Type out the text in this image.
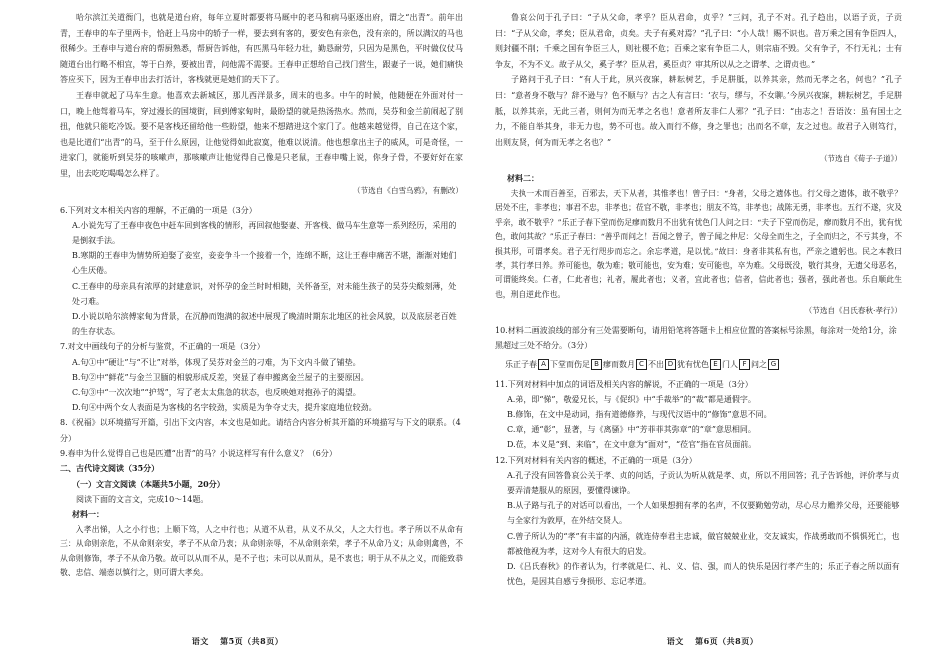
哈尔滨江关道衙门，也就是道台府，每年立夏时都要将马厩中的老马和病马驱逐出府，谓之“出青”。前年出青，王春申的车子里两卡，恰赶上马房中的轿子一样，要去到有客的，要安色有亲色，没有亲的，所以满汉的马也很稀少。王春申与道台府的帮厨熟悉，帮厨告诉他，有匹黑马年轻力壮，勤恳耐劳，只因为是黑色，平时做仪仗马随道台出行略不相宜，等于白养，要被出青，问他需不需要。王春申正想给自己找门营生，跟妻子一说，她们痛快答应买下，因为王春申出去打活计，客栈就更是她们的天下了。

王春申就起了马车生意。他喜欢去新城区，那儿西洋景多，周末的也多。中午的时候，他随便在外面对付一口，晚上他驾着马车，穿过漫长的国境街，回到傅家甸时，最盼望的就是热汤热水。然而，吴芬和金兰前闹起了别扭，他就只能吃冷饭。要不是客栈还留给他一些盼望，他来不想踏进这个家门了。他越来越觉得，自己在这个家，也是比道们“出青”的马，至于什么原因，让他觉得如此寂寞，他难以说清。他也想拿出主子的威风，可是奇怪，一进家门，就能听到吴芬的咳嗽声，那咳嗽声让他觉得自己像是只老鼠，王春申嘴上说，你身子骨，不要好好在家里，出去吃吃喝喝怎么样了。

（节选自《白雪乌鸦》，有删改）

6.下列对文本相关内容的理解，不正确的一项是（3分）

A.小说先写了王春申夜色中赶车回到客栈的情形，再回叙他娶妻、开客栈、做马车生意等一系列经历，采用的是倒叙手法。

B.寒期的王春申为情势所迫娶了妾室，妾妾争斗一个接着一个，连绵不断，这让王春申痛苦不堪，渐渐对她们心生厌倦。

C.王春申的母亲具有浓厚的封建意识，对怀孕的金兰时时相随，关怀备至，对未能生孩子的吴芬尖酸刻薄，处处刁难。

D.小说以哈尔滨傅家甸为背景，在沉静而饱满的叙述中展现了晚清时期东北地区的社会风貌，以及底层老百姓的生存状态。

7.对文中画线句子的分析与鉴赏，不正确的一项是（3分）

A.句①中“硬让”与“不让”对举，体现了吴芬对金兰的刁难，为下文内斗做了铺垫。

B.句②中“鲜花”与金兰卫腼的相貌形成反差，突显了春申搬离金兰屋子的主要原因。

C.句③中“一次次地”“护驾”，写了老太太焦急的状态，也反映她对抱孙子的渴望。

D.句④中两个女人表面是为客栈的名字较劲，实质是为争夺丈夫，提升家庭地位较劲。

8.《祝福》以环境描写开篇，引出下文内容，本文也是如此。请结合内容分析其开篇的环境描写与下文的联系。（4分）

9.春申为什么觉得自己也是匹遭“出青”的马？小说这样写有什么意义？（6分）

二、古代诗文阅读（35分）

（一）文言文阅读（本题共5小题，20分）

阅读下面的文言文，完成10～14题。

材料一：

入孝出悌，人之小行也；上顺下笃，人之中行也；从道不从君，从义不从父，人之大行也。孝子所以不从命有三：从命则亲危，不从命则亲安，孝子不从命乃衷；从命则亲辱，不从命则亲荣，孝子不从命乃义；从命则禽兽，不从命则修饰，孝子不从命乃敬。故可以从而不从，是不子也；未可以从而从，是不衷也；明于从不从之义，而能致恭敬、忠信、端悫以慎行之，则可谓大孝矣。

语文 第5页（共8页）

鲁哀公问于孔子曰：“子从父命，孝乎？臣从君命，贞乎？”三问，孔子不对。孔子趋出，以语子贡，子贡曰：“子从父命，孝矣；臣从君命，贞矣。夫子有奚对焉？”孔子曰：“小人哉！赐不识也。昔万乘之国有争臣四人，则封疆不削；千乘之国有争臣三人，则社稷不危；百乘之家有争臣二人，则宗庙不毁。父有争子，不行无礼；士有争友，不为不义。故子从父，奚子孝？臣从君，奚臣贞？审其所以从之之谓孝、之谓贞也。”

子路问于孔子曰：“有人于此，夙兴夜寐，耕耘树艺，手足胼胝，以养其亲，然而无孝之名，何也？”孔子曰：“意者身不敬与？辞不逊与？色不顺与？古之人有言曰：‘衣与，缪与，不女聊。’今夙兴夜寐，耕耘树艺，手足胼胝，以养其亲，无此三者，则何为而无孝之名也！意者所友非仁人邪？”孔子曰：“由志之！吾语汝：虽有国士之力，不能自举其身，非无力也，势不可也。故入而行不修，身之罪也；出而名不章，友之过也。故君子入则笃行，出则友贤，何为而无孝之名也？”

（节选自《荀子·子道》）

材料二：

夫执一术而百善至，百邪去，天下从者，其惟孝也！曾子曰：“身者，父母之遗体也。行父母之遗体，敢不敬乎？居处不庄，非孝也；事君不忠，非孝也；莅官不敬，非孝也；朋友不笃，非孝也；战陈无勇，非孝也。五行不遂，灾及乎亲，敢不敬乎？”乐正子春下堂而伤足瘳而数月不出犹有忧色门人问之曰：“夫子下堂而伤足，瘳而数月不出，犹有忧色，敢问其故？”乐正子春曰：“善乎而问之！吾闻之曾子，曾子闻之仲尼：父母全而生之，子全而归之，不亏其身，不损其形，可谓孝矣。君子无行咫步而忘之。余忘孝道，是以忧。”故曰：身者非其私有也，严亲之遗躬也。民之本教曰孝，其行孝曰养。养可能也，敬为难；敬可能也，安为难；安可能也，卒为难。父母既没，敬行其身，无遗父母恶名，可谓能终矣。仁者，仁此者也；礼者，履此者也；义者，宜此者也；信者，信此者也；强者，强此者也。乐自顺此生也，刑自逆此作也。

（节选自《吕氏春秋·孝行》）

10.材料二画波浪线的部分有三处需要断句，请用铅笔将答题卡上相应位置的答案标号涂黑，每涂对一处给1分，涂黑超过三处不给分。（3分）

乐正子春 A 下堂而伤足 B 瘳而数月 C 不出 D 犹有忧色 E 门人 F 问之 G

11.下列对材料中加点的词语及相关内容的解说，不正确的一项是（3分）

A.弟，即“悌”，敬爱兄长，与《促织》中“手裁举”的“裁”都是通假字。

B.修饰，在文中是动词，指有道德修养，与现代汉语中的“修饰”意思不同。

C.章，通“彰”，显著，与《离骚》中“芳菲菲其弥章”的“章”意思相同。

D.莅，本义是“到、来临”，在文中意为“面对”，“莅官”指在官员面前。

12.下列对材料有关内容的概述，不正确的一项是（3分）

A.孔子没有回答鲁哀公关于孝、贞的问话，子贡认为听从就是孝、贞，所以不用回答；孔子告诉他，评价孝与贞要弄清楚服从的原因，要懂得谏诤。

B.从子路与孔子的对话可以看出，一个人如果想拥有孝的名声，不仅要勤勉劳动，尽心尽力赡养父母，还要能够与全家行为敦厚，在外结交贤人。

C.曾子所认为的“孝”有丰富的内涵，就连侍奉君主忠诚，做官兢兢业业，交友诚实，作战勇敢而不惧惧死亡，也都被他视为孝，这对今人有很大的启发。

D.《吕氏春秋》的作者认为，行孝就是仁、礼、义、信、强，而人的快乐是因行孝产生的；乐正子春之所以面有忧色，是因其自感亏身损形、忘记孝道。

语文 第6页（共8页）
